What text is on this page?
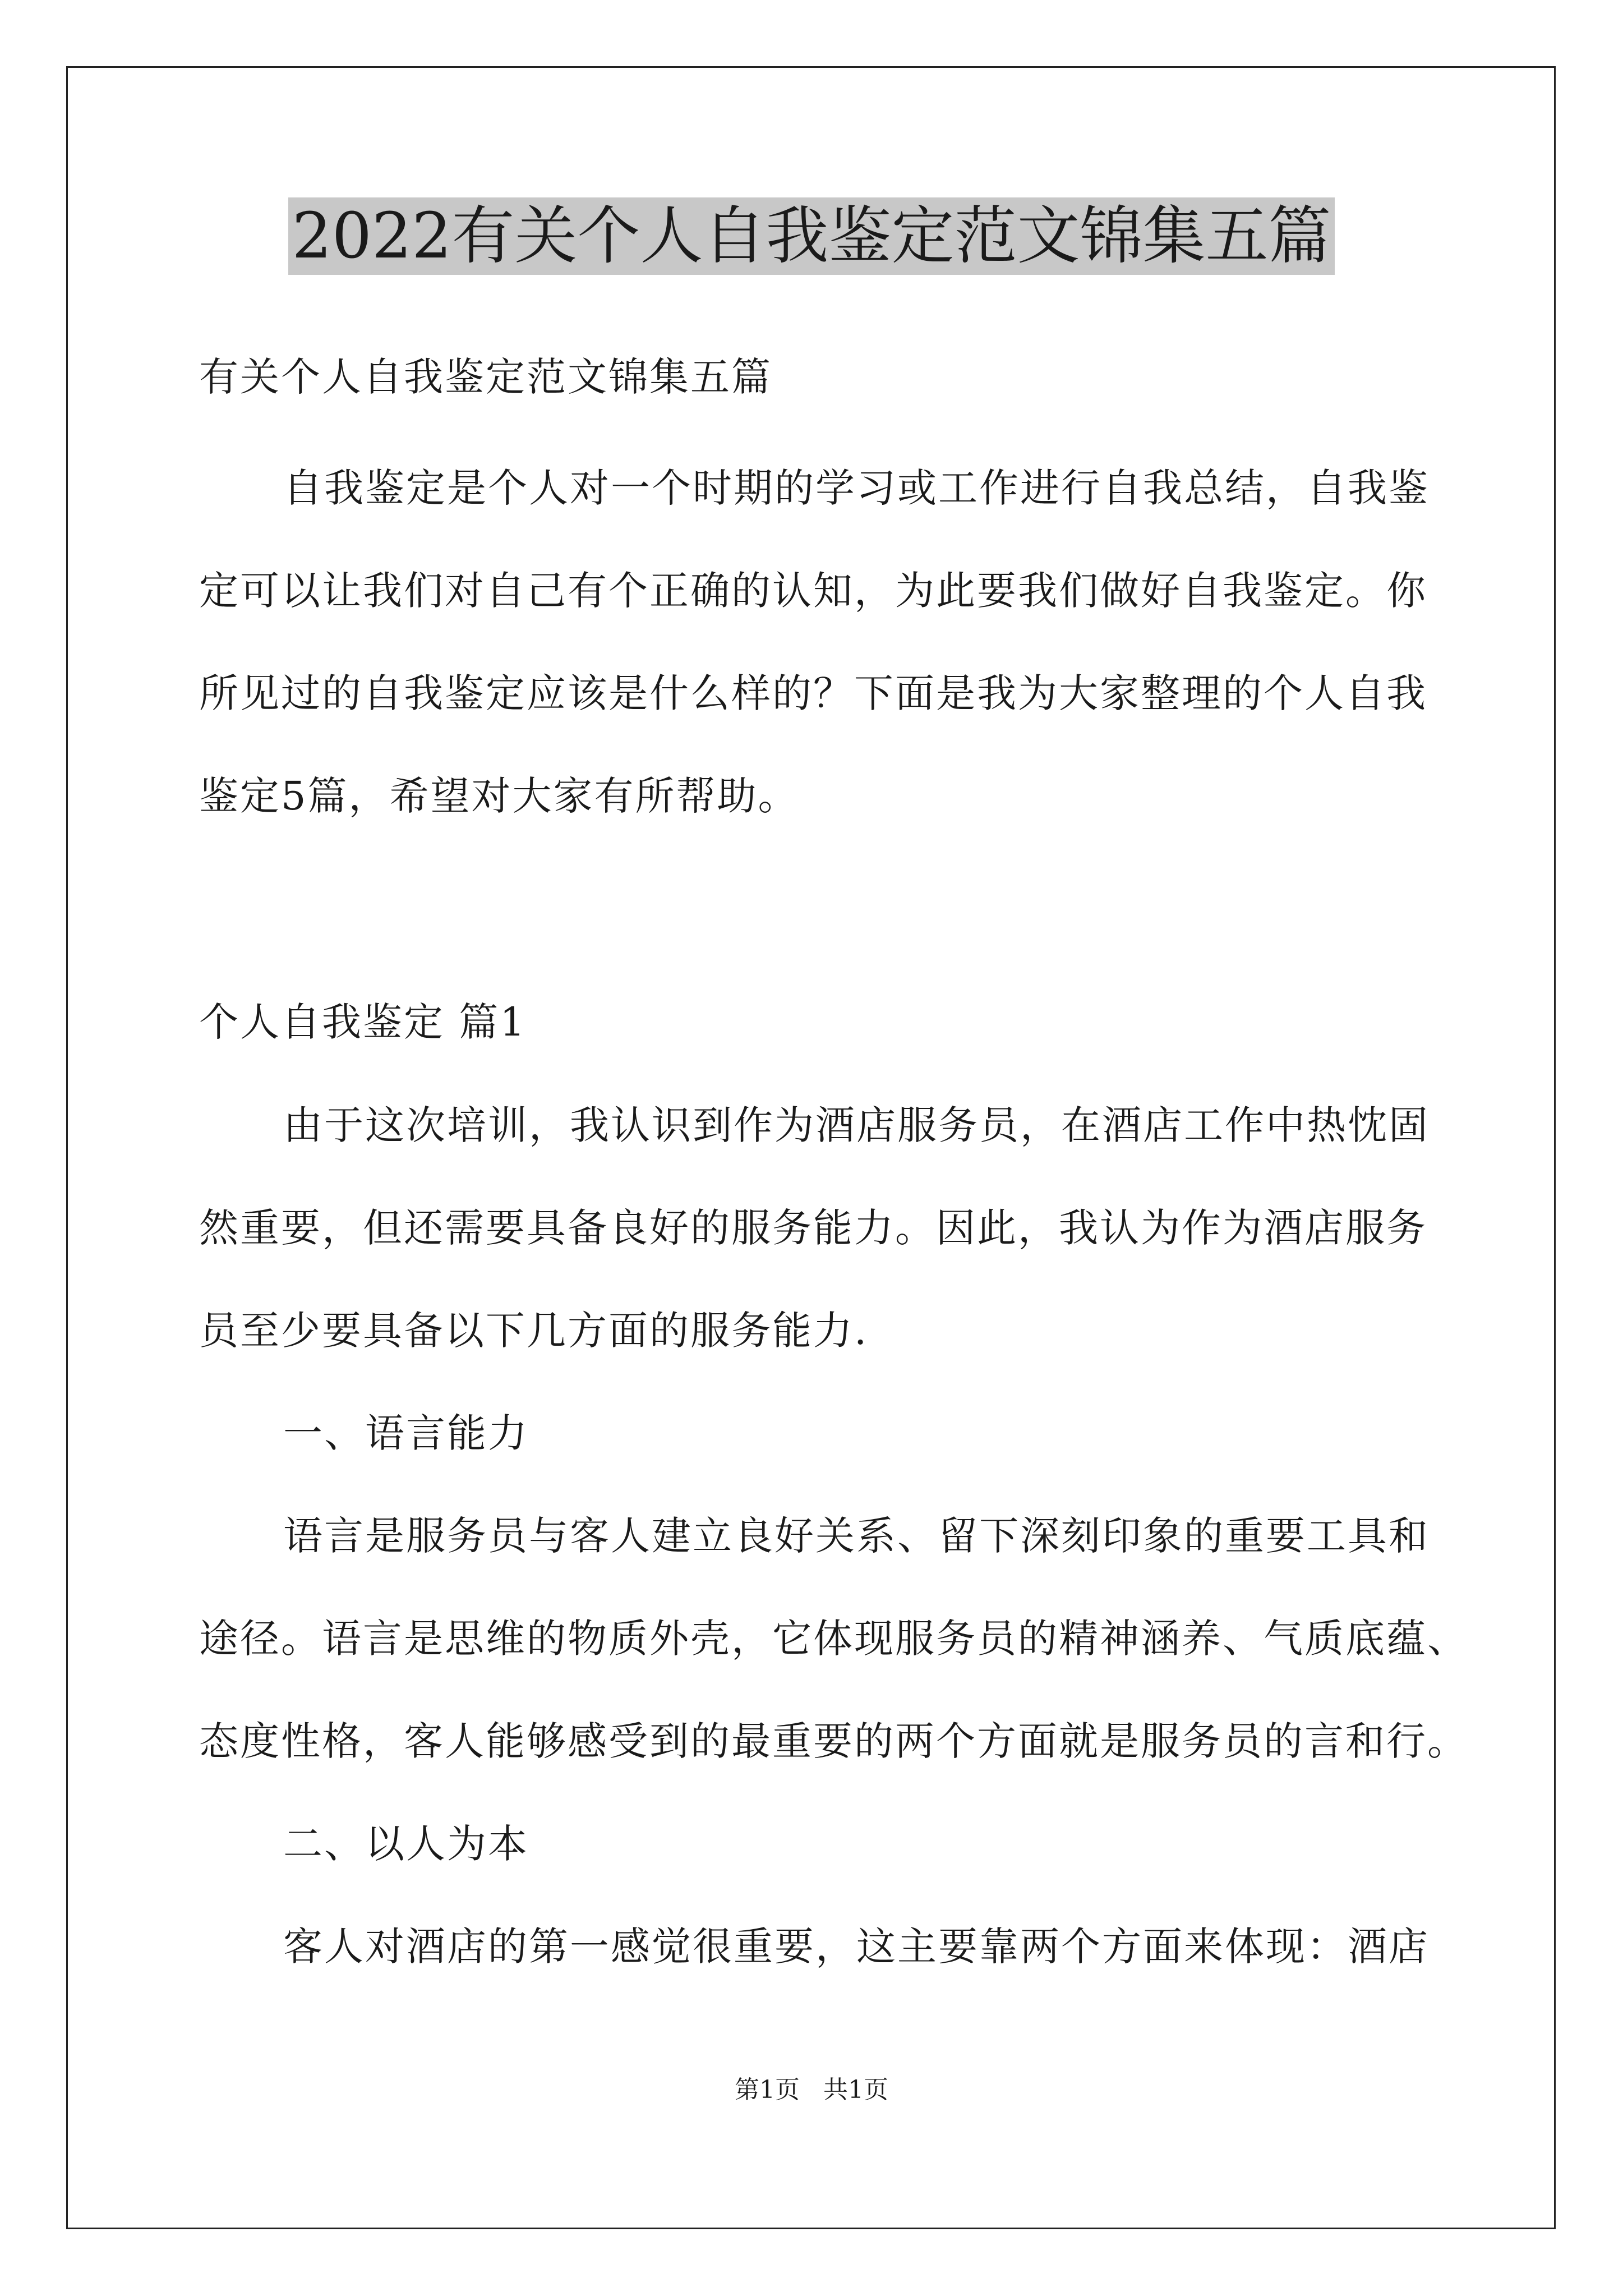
2022有关个人自我鉴定范文锦集五篇
有关个人自我鉴定范文锦集五篇
自我鉴定是个人对一个时期的学习或工作进行自我总结，自我鉴
定可以让我们对自己有个正确的认知，为此要我们做好自我鉴定。你
所见过的自我鉴定应该是什么样的？下面是我为大家整理的个人自我
鉴定5篇，希望对大家有所帮助。
个人自我鉴定 篇1
由于这次培训，我认识到作为酒店服务员，在酒店工作中热忱固
然重要，但还需要具备良好的服务能力。因此，我认为作为酒店服务
员至少要具备以下几方面的服务能力.
一、语言能力
语言是服务员与客人建立良好关系、留下深刻印象的重要工具和
途径。语言是思维的物质外壳，它体现服务员的精神涵养、气质底蕴、
态度性格，客人能够感受到的最重要的两个方面就是服务员的言和行。
二、以人为本
客人对酒店的第一感觉很重要，这主要靠两个方面来体现：酒店
第1页   共1页
